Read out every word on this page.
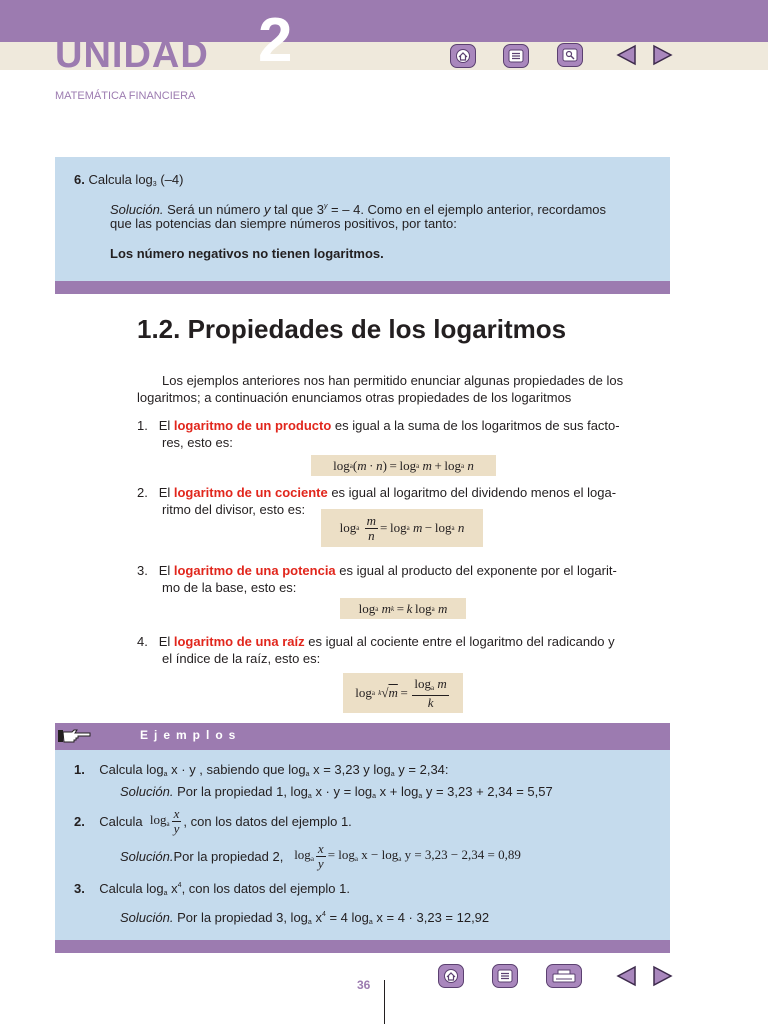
UNIDAD 2
MATEMÁTICA FINANCIERA
6. Calcula $\log_3 (-4)$
Solución. Será un número y tal que $3^y$ = – 4. Como en el ejemplo anterior, recordamos
que las potencias dan siempre números positivos, por tanto:
Los número negativos no tienen logaritmos.
1.2. Propiedades de los logaritmos
Los ejemplos anteriores nos han permitido enunciar algunas propiedades de los
logaritmos; a continuación enunciamos otras propiedades de los logaritmos
1. El logaritmo de un producto es igual a la suma de los logaritmos de sus facto-
res, esto es:
log a ( m  ·  n ) = log a
m  + log a
n
2. El logaritmo de un cociente es igual al logaritmo del dividendo menos el loga-
ritmo del divisor, esto es:
log a
$\frac{m}{n} = \log a$
m  − log a
n
3. El logaritmo de una potencia es igual al producto del exponente por el logarit-
mo de la base, esto es:
log a
m k  =  k  log a
m
4. El logaritmo de una raíz es igual al cociente entre el logaritmo del radicando y
el índice de la raíz, esto es:
log a
k √ $m = \frac{\log_a m}{k}$
Ejemplos
1. Calcula $\log_a x \cdot y$ , sabiendo que $\log_a x = 3,23$ y $\log_a y = 2,34$:
Solución. Por la propiedad 1, $\log_a x \cdot y = \log_a x + \log_a y = 3,23 + 2,34 = 5,57$
2.
Calcula
$\log_a \frac{x}{y}$ , con los datos del ejemplo 1.
Solución. Por la propiedad 2,
$\log_a \frac{x}{y} = \log_a x - \log_a y = 3,23 - 2,34 = 0,89$
3. Calcula $\log_a x^4$, con los datos del ejemplo 1.
Solución. Por la propiedad 3, $\log_a x^4 = 4$ $\log_a x = 4 \cdot 3,23 = 12,92$
36
